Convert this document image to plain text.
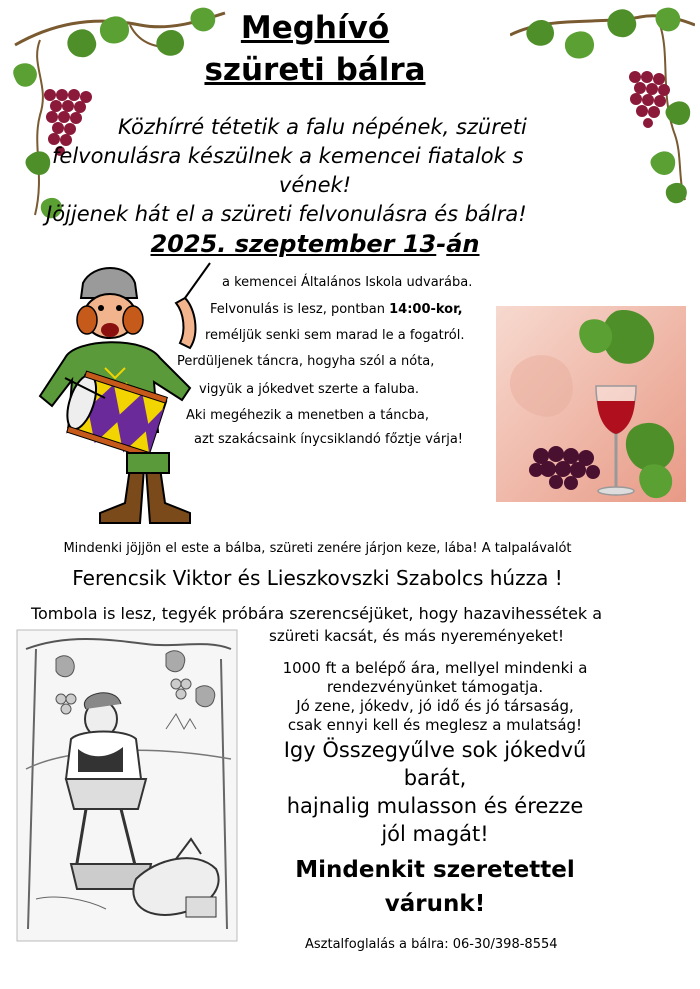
Meghívó
szüreti bálra
Közhírré tétetik a falu népének, szüreti
felvonulásra készülnek a kemencei fiatalok s
vének!
Jöjjenek hát el a szüreti felvonulásra és bálra!
2025. szeptember 13-án
a kemencei Általános Iskola udvarába.
Felvonulás is lesz, pontban 14:00-kor,
reméljük senki sem marad le a fogatról.
Perdüljenek táncra, hogyha szól a nóta,
vigyük a jókedvet szerte a faluba.
Aki megéhezik a menetben a táncba,
azt szakácsaink ínycsiklandó főztje várja!
Mindenki jöjjön el este a bálba, szüreti zenére járjon keze, lába! A talpalávalót
Ferencsik Viktor és Lieszkovszki Szabolcs húzza !
Tombola is lesz, tegyék próbára szerencséjüket, hogy hazavihessétek a
szüreti kacsát, és más nyereményeket!
1000 ft a belépő ára, mellyel mindenki a
rendezvényünket támogatja.
Jó zene, jókedv, jó idő és jó társaság,
csak ennyi kell és meglesz a mulatság!
Igy Összegyűlve sok jókedvű
barát,
hajnalig mulasson és érezze
jól magát!
Mindenkit szeretettel
várunk!
Asztalfoglalás a bálra: 06-30/398-8554
